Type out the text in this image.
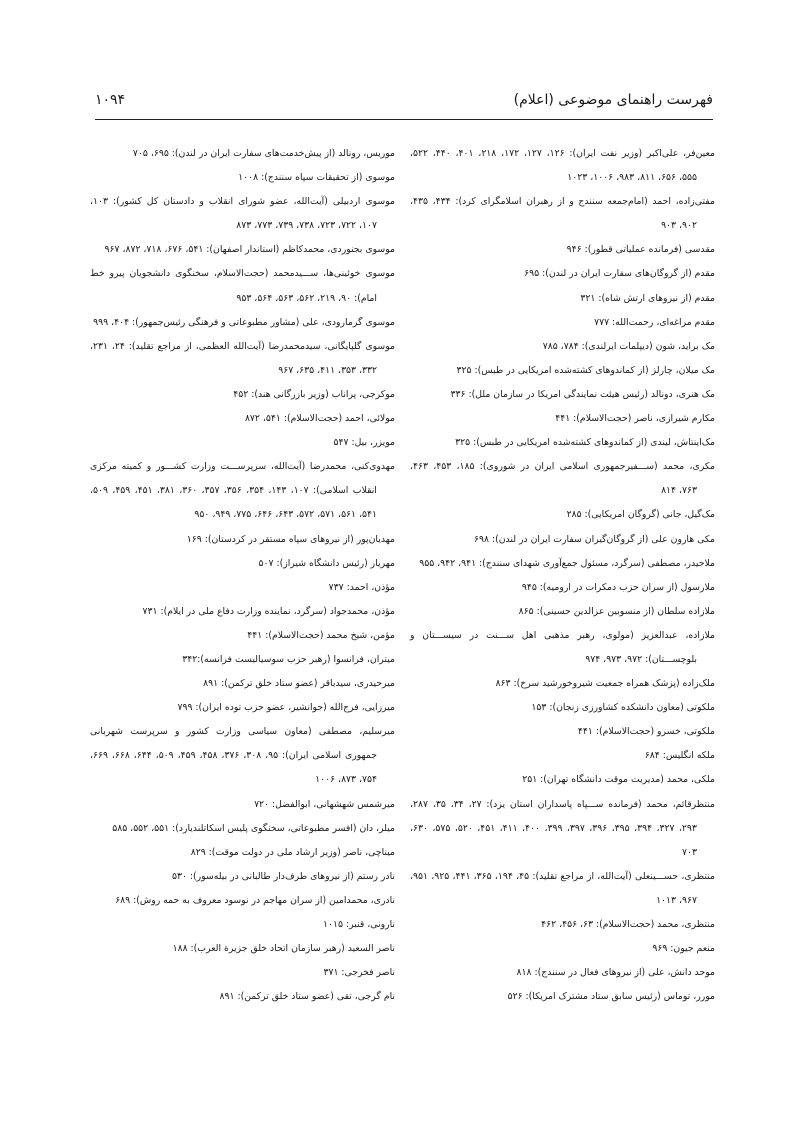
فهرست راهنمای موضوعی (اعلام)
۱۰۹۴
معین‌فر، علی‌اکبر (وزیر نفت ایران): ۱۲۶، ۱۲۷، ۱۷۲، ۲۱۸، ۴۰۱، ۴۴۰، ۵۲۲، ۵۵۵، ۶۵۶، ۸۱۱، ۹۸۳، ۱۰۰۶، ۱۰۲۳
مفتی‌زاده، احمد (امام‌جمعه سنندج و از رهبران اسلامگرای کرد): ۴۳۴، ۴۳۵، ۹۰۲، ۹۰۳
مقدسی (فرمانده عملیاتی قطور): ۹۴۶
مقدم (از گروگان‌های سفارت ایران در لندن): ۶۹۵
مقدم (از نیروهای ارتش شاه): ۳۲۱
مقدم مراغه‌ای، رحمت‌الله: ۷۷۷
مک براید، شون (دیپلمات ایرلندی): ۷۸۴، ۷۸۵
مک میلان، چارلز (از کماندوهای کشته‌شده امریکایی در طبس): ۳۲۵
مک هنری، دونالد (رئیس هیئت نمایندگی امریکا در سازمان ملل): ۳۳۶
مکارم شیرازی، ناصر (حجت‌الاسلام): ۴۴۱
مک‌اینتاش، لیندی (از کماندوهای کشته‌شده امریکایی در طبس): ۳۲۵
مکری، محمد (ســـفیرجمهوری اسلامی ایران در شوروی): ۱۸۵، ۴۵۳، ۴۶۳، ۷۶۳، ۸۱۴
مک‌گیل، جانی (گروگان امریکایی): ۲۸۵
مکی هارون علی (از گروگان‌گیران سفارت ایران در لندن): ۶۹۸
ملاحیدر، مصطفی (سرگرد، مسئول جمع‌آوری شهدای سنندج): ۹۴۱، ۹۴۲، ۹۵۵
ملارسول (از سران حزب دمکرات در ارومیه): ۹۴۵
ملازاده سلطان (از منسوبین عزالدین حسینی): ۸۶۵
ملازاده، عبدالعزیز (مولوی، رهبر مذهبی اهل ســـنت در سیســـتان و بلوچســـتان): ۹۷۲، ۹۷۳، ۹۷۴
ملک‌زاده (پزشک همراه جمعیت شیروخورشید سرخ): ۸۶۳
ملکوتی (معاون دانشکده کشاورزی زنجان): ۱۵۳
ملکوتی، خسرو (حجت‌الاسلام): ۴۴۱
ملکه انگلیس: ۶۸۴
ملکی، محمد (مدیریت موقت دانشگاه تهران): ۲۵۱
منتظرقائم، محمد (فرمانده ســـپاه پاسداران استان یزد): ۲۷، ۳۴، ۳۵، ۲۸۷، ۲۹۳، ۳۲۷، ۳۹۴، ۳۹۵، ۳۹۶، ۳۹۷، ۳۹۹، ۴۰۰، ۴۱۱، ۴۵۱، ۵۲۰، ۵۷۵، ۶۳۰، ۷۰۳
منتظری، حســـینعلی (آیت‌الله، از مراجع تقلید): ۴۵، ۱۹۴، ۳۶۵، ۴۴۱، ۹۲۵، ۹۵۱، ۹۶۷، ۱۰۱۳
منتظری، محمد (حجت‌الاسلام): ۶۳، ۴۵۶، ۴۶۲
منعم جیون: ۹۶۹
موحد دانش، علی (از نیروهای فعال در سنندج): ۸۱۸
مورر، توماس (رئیس سابق ستاد مشترک امریکا): ۵۲۶
موریس، رونالد (از پیش‌خدمت‌های سفارت ایران در لندن): ۶۹۵، ۷۰۵
موسوی (از تحقیقات سپاه سنندج): ۱۰۰۸
موسوی اردبیلی (آیت‌الله، عضو شورای انقلاب و دادستان کل کشور): ۱۰۳، ۱۰۷، ۷۲۲، ۷۲۳، ۷۳۸، ۷۳۹، ۷۷۳، ۸۷۳
موسوی بجنوردی، محمدکاظم (استاندار اصفهان): ۵۴۱، ۶۷۶، ۷۱۸، ۸۷۲، ۹۶۷
موسوی خوئینی‌ها، ســـیدمحمد (حجت‌الاسلام، سخنگوی دانشجویان پیرو خط امام): ۹۰، ۲۱۹، ۵۶۲، ۵۶۳، ۵۶۴، ۹۵۳
موسوی گرمارودی، علی (مشاور مطبوعاتی و فرهنگی رئیس‌جمهور): ۴۰۴، ۹۹۹
موسوی گلپایگانی، سیدمحمدرضا (آیت‌الله العظمی، از مراجع تقلید): ۲۴، ۲۳۱، ۳۳۲، ۳۵۳، ۴۱۱، ۶۳۵، ۹۶۷
موکرجی، پراناب (وزیر بازرگانی هند): ۴۵۲
مولائی، احمد (حجت‌الاسلام): ۵۴۱، ۸۷۲
مویزر، بیل: ۵۴۷
مهدوی‌کنی، محمدرضا (آیت‌الله، سرپرســـت وزارت کشـــور و کمیته مرکزی انقلاب اسلامی): ۱۰۷، ۱۴۳، ۳۵۴، ۳۵۶، ۳۵۷، ۳۶۰، ۳۸۱، ۴۵۱، ۴۵۹، ۵۰۹، ۵۴۱، ۵۶۱، ۵۷۱، ۵۷۲، ۶۴۳، ۶۴۶، ۷۷۵، ۹۴۹، ۹۵۰
مهدیان‌پور (از نیروهای سپاه مستقر در کردستان): ۱۶۹
مهریار (رئیس دانشگاه شیراز): ۵۰۷
مؤذن، احمد: ۷۳۷
مؤذن، محمدجواد (سرگرد، نماینده وزارت دفاع ملی در ایلام): ۷۳۱
مؤمن، شیخ محمد (حجت‌الاسلام): ۴۴۱
میتران، فرانسوا (رهبر حزب سوسیالیست فرانسه):۳۴۲
میرحیدری، سیدباقر (عضو ستاد خلق ترکمن): ۸۹۱
میرزایی، فرج‌الله (جوانشیر، عضو حزب توده ایران): ۷۹۹
میرسلیم، مصطفی (معاون سیاسی وزارت کشور و سرپرست شهربانی جمهوری اسلامی ایران): ۹۵، ۳۰۸، ۳۷۶، ۴۵۸، ۴۵۹، ۵۰۹، ۶۴۴، ۶۶۸، ۶۶۹، ۷۵۴، ۸۷۳، ۱۰۰۶
میرشمس شهشهانی، ابوالفضل: ۷۲۰
میلر، دان (افسر مطبوعاتی، سخنگوی پلیس اسکاتلندیارد): ۵۵۱، ۵۵۲، ۵۸۵
میناچی، ناصر (وزیر ارشاد ملی در دولت موقت): ۸۲۹
نادر رستم (از نیروهای طرف‌دار طالبانی در بیله‌سور): ۵۳۰
نادری، محمدامین (از سران مهاجم در نوسود معروف به حمه روش): ۶۸۹
نارونی، قنبر: ۱۰۱۵
ناصر السعید (رهبر سازمان اتحاد خلق جزیرة العرب): ۱۸۸
ناصر فخرجی: ۳۷۱
نام گرجی، تقی (عضو ستاد خلق ترکمن): ۸۹۱
